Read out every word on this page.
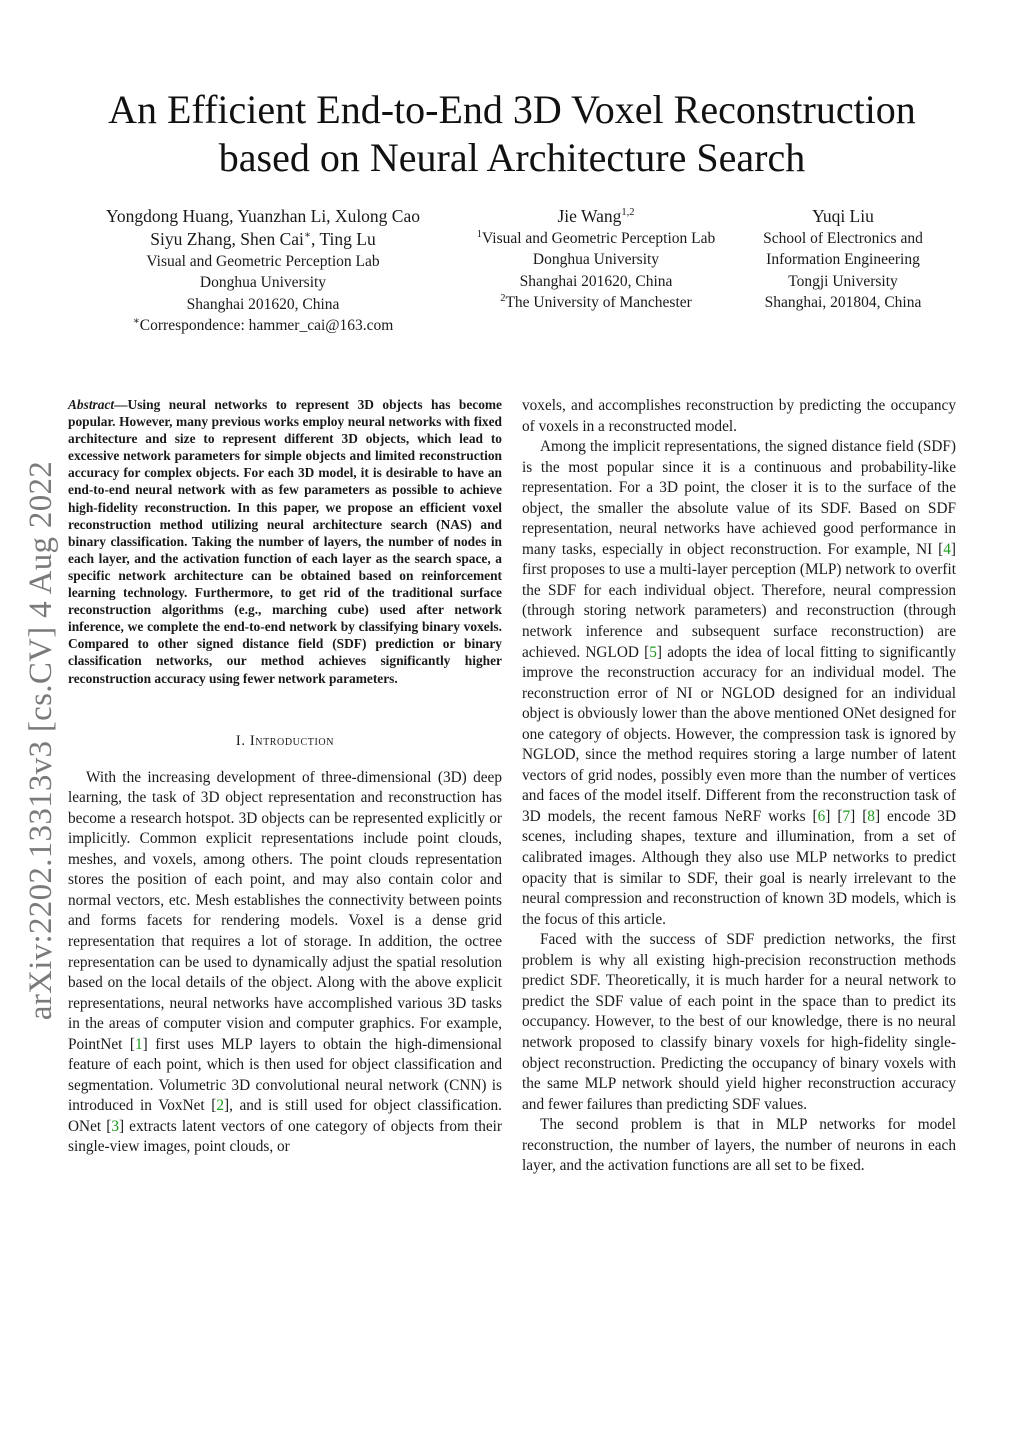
arXiv:2202.13313v3 [cs.CV] 4 Aug 2022
An Efficient End-to-End 3D Voxel Reconstruction
based on Neural Architecture Search
Yongdong Huang, Yuanzhan Li, Xulong Cao
Siyu Zhang, Shen Cai∗, Ting Lu
Visual and Geometric Perception Lab
Donghua University
Shanghai 201620, China
∗Correspondence: hammer_cai@163.com
Jie Wang$^{1,2}$
$^1$Visual and Geometric Perception Lab
Donghua University
Shanghai 201620, China
$^2$The University of Manchester
Yuqi Liu
School of Electronics and
Information Engineering
Tongji University
Shanghai, 201804, China

Abstract—Using neural networks to represent 3D objects has become popular. However, many previous works employ neural networks with fixed architecture and size to represent different 3D objects, which lead to excessive network parameters for simple objects and limited reconstruction accuracy for complex objects. For each 3D model, it is desirable to have an end-to-end neural network with as few parameters as possible to achieve high-fidelity reconstruction. In this paper, we propose an efficient voxel reconstruction method utilizing neural architecture search (NAS) and binary classification. Taking the number of layers, the number of nodes in each layer, and the activation function of each layer as the search space, a specific network architecture can be obtained based on reinforcement learning technology. Furthermore, to get rid of the traditional surface reconstruction algorithms (e.g., marching cube) used after network inference, we complete the end-to-end network by classifying binary voxels. Compared to other signed distance field (SDF) prediction or binary classification networks, our method achieves significantly higher reconstruction accuracy using fewer network parameters.

I. Introduction

With the increasing development of three-dimensional (3D) deep learning, the task of 3D object representation and reconstruction has become a research hotspot. 3D objects can be represented explicitly or implicitly. Common explicit representations include point clouds, meshes, and voxels, among others. The point clouds representation stores the position of each point, and may also contain color and normal vectors, etc. Mesh establishes the connectivity between points and forms facets for rendering models. Voxel is a dense grid representation that requires a lot of storage. In addition, the octree representation can be used to dynamically adjust the spatial resolution based on the local details of the object. Along with the above explicit representations, neural networks have accomplished various 3D tasks in the areas of computer vision and computer graphics. For example, PointNet [1] first uses MLP layers to obtain the high-dimensional feature of each point, which is then used for object classification and segmentation. Volumetric 3D convolutional neural network (CNN) is introduced in VoxNet [2], and is still used for object classification. ONet [3] extracts latent vectors of one category of objects from their single-view images, point clouds, or

voxels, and accomplishes reconstruction by predicting the occupancy of voxels in a reconstructed model.

Among the implicit representations, the signed distance field (SDF) is the most popular since it is a continuous and probability-like representation. For a 3D point, the closer it is to the surface of the object, the smaller the absolute value of its SDF. Based on SDF representation, neural networks have achieved good performance in many tasks, especially in object reconstruction. For example, NI [4] first proposes to use a multi-layer perception (MLP) network to overfit the SDF for each individual object. Therefore, neural compression (through storing network parameters) and reconstruction (through network inference and subsequent surface reconstruction) are achieved. NGLOD [5] adopts the idea of local fitting to significantly improve the reconstruction accuracy for an individual model. The reconstruction error of NI or NGLOD designed for an individual object is obviously lower than the above mentioned ONet designed for one category of objects. However, the compression task is ignored by NGLOD, since the method requires storing a large number of latent vectors of grid nodes, possibly even more than the number of vertices and faces of the model itself. Different from the reconstruction task of 3D models, the recent famous NeRF works [6] [7] [8] encode 3D scenes, including shapes, texture and illumination, from a set of calibrated images. Although they also use MLP networks to predict opacity that is similar to SDF, their goal is nearly irrelevant to the neural compression and reconstruction of known 3D models, which is the focus of this article.

Faced with the success of SDF prediction networks, the first problem is why all existing high-precision reconstruction methods predict SDF. Theoretically, it is much harder for a neural network to predict the SDF value of each point in the space than to predict its occupancy. However, to the best of our knowledge, there is no neural network proposed to classify binary voxels for high-fidelity single-object reconstruction. Predicting the occupancy of binary voxels with the same MLP network should yield higher reconstruction accuracy and fewer failures than predicting SDF values.

The second problem is that in MLP networks for model reconstruction, the number of layers, the number of neurons in each layer, and the activation functions are all set to be fixed.
